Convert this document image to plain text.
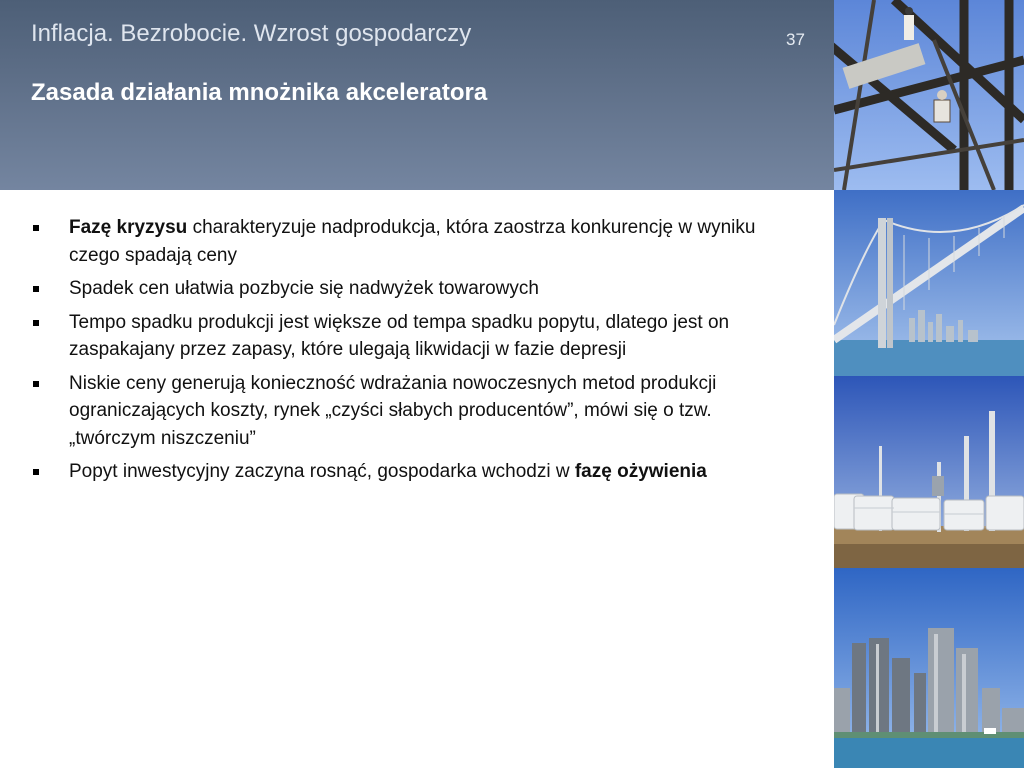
Inflacja. Bezrobocie. Wzrost gospodarczy	37
Zasada działania mnożnika akceleratora
Fazę kryzysu charakteryzuje nadprodukcja, która zaostrza konkurencję w wyniku czego spadają ceny
Spadek cen ułatwia pozbycie się nadwyżek towarowych
Tempo spadku produkcji jest większe od tempa spadku popytu, dlatego jest on zaspakajany przez zapasy, które ulegają likwidacji w fazie depresji
Niskie ceny generują konieczność wdrażania nowoczesnych metod produkcji ograniczających koszty, rynek „czyści słabych producentów”, mówi się o tzw. „twórczym niszczeniu”
Popyt inwestycyjny zaczyna rosnąć, gospodarka wchodzi w fazę ożywienia
